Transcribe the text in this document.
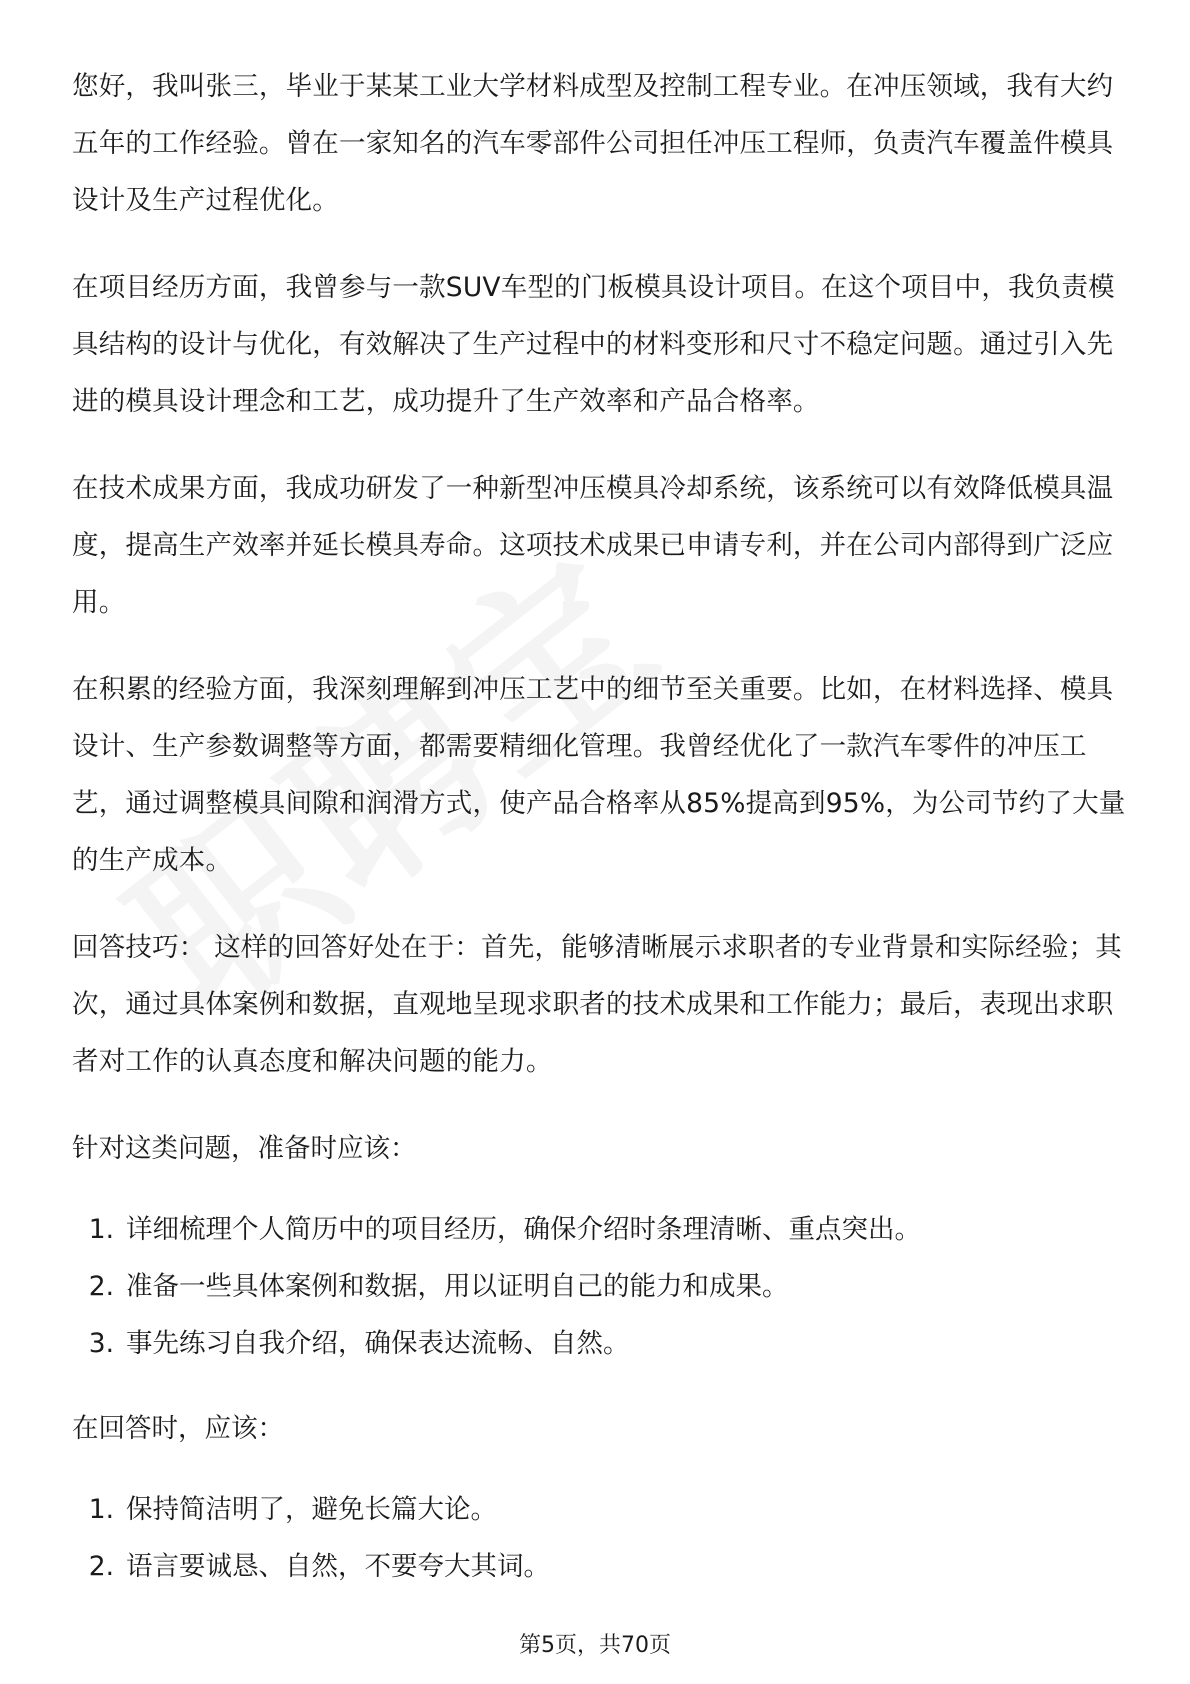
您好，我叫张三，毕业于某某工业大学材料成型及控制工程专业。在冲压领域，我有大约五年的工作经验。曾在一家知名的汽车零部件公司担任冲压工程师，负责汽车覆盖件模具设计及生产过程优化。

在项目经历方面，我曾参与一款SUV车型的门板模具设计项目。在这个项目中，我负责模具结构的设计与优化，有效解决了生产过程中的材料变形和尺寸不稳定问题。通过引入先进的模具设计理念和工艺，成功提升了生产效率和产品合格率。

在技术成果方面，我成功研发了一种新型冲压模具冷却系统，该系统可以有效降低模具温度，提高生产效率并延长模具寿命。这项技术成果已申请专利，并在公司内部得到广泛应用。

在积累的经验方面，我深刻理解到冲压工艺中的细节至关重要。比如，在材料选择、模具设计、生产参数调整等方面，都需要精细化管理。我曾经优化了一款汽车零件的冲压工艺，通过调整模具间隙和润滑方式，使产品合格率从85%提高到95%，为公司节约了大量的生产成本。

回答技巧： 这样的回答好处在于：首先，能够清晰展示求职者的专业背景和实际经验；其次，通过具体案例和数据，直观地呈现求职者的技术成果和工作能力；最后，表现出求职者对工作的认真态度和解决问题的能力。

针对这类问题，准备时应该：

1. 详细梳理个人简历中的项目经历，确保介绍时条理清晰、重点突出。
2. 准备一些具体案例和数据，用以证明自己的能力和成果。
3. 事先练习自我介绍，确保表达流畅、自然。

在回答时，应该：

1. 保持简洁明了，避免长篇大论。
2. 语言要诚恳、自然，不要夸大其词。
第5页，共70页
